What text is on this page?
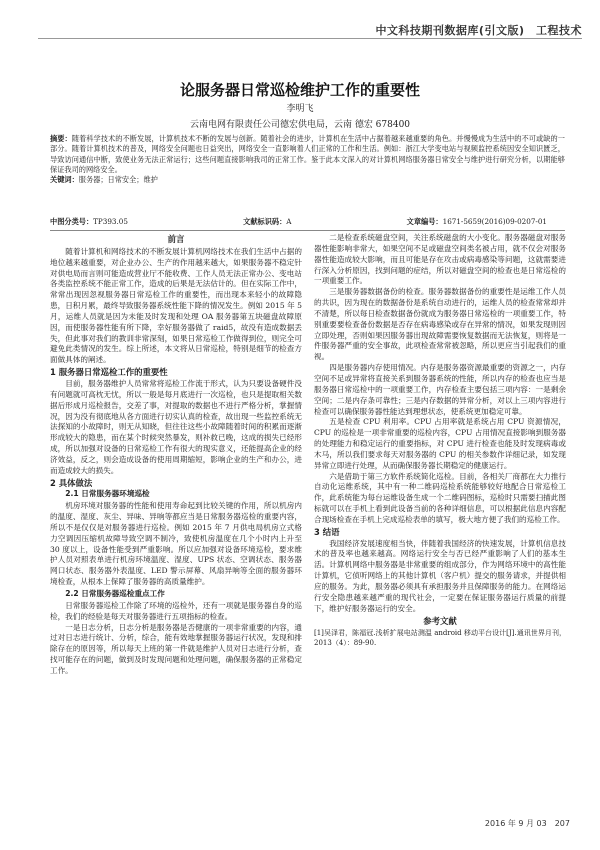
中文科技期刊数据库(引文版)　工程技术
论服务器日常巡检维护工作的重要性
李明飞
云南电网有限责任公司德宏供电局，云南 德宏 678400
摘要：随着科学技术的不断发展，计算机技术不断的发展与创新。随着社会的进步，计算机在生活中占据着越来越重要的角色。并慢慢成为生活中的不可或缺的一部分。随着计算机技术的普及，网络安全问题也日益突出，网络安全一直影响着人们正常的工作和生活。例如：浙江大学变电站与视频监控系统因安全知识匮乏，导致访问通信中断，致使业务无法正常运行；这些问题直接影响我司的正常工作。鉴于此本文深入的对计算机网络服务器日常安全与维护进行研究分析，以期能够保证我司的网络安全。
关键词：服务器；日常安全；维护
中图分类号：TP393.05	文献标识码：A	文章编号：1671-5659(2016)09-0207-01

前言

随着计算机和网络技术的不断发展计算机网络技术在我们生活中占据的地位越来越重要，对企业办公、生产的作用越来越大，如果服务器不稳定针对供电局而言则可能造成营业厅不能收费、工作人员无法正常办公、变电站各类监控系统不能正常工作，造成的后果是无法估计的。但在实际工作中，常常出现因忽视服务器日常巡检工作的重要性，而出现本来轻小的故障隐患，日积月累，最终导致服务器系统性能下降的情况发生。例如 2015 年 5 月，运维人员就是因为未能及时发现和处理 OA 服务器第五块磁盘故障原因，而使服务器性能有所下降，幸好服务器做了 raid5，故没有造成数据丢失，但此事对我们的教训非常深刻，如果日常巡检工作做得到位，则完全可避免此类情况的发生。综上所述，本文将从日常巡检，特别是细节的检查方面做具体的阐述。

1 服务器日常巡检工作的重要性

目前，服务器维护人员常常将巡检工作流于形式，认为只要设备硬件没有问题就可高枕无忧，所以一般是每月底进行一次巡检，也只是提取相关数据后形成月巡检报告，交差了事，对提取的数据也不进行严格分析，掌握情况，因为没有彻底地从各方面进行切实认真的检查，故出现一些监控系统无法探知的小故障时，则无从知晓，但往往这些小故障随着时间的积累而逐渐形成较大的隐患，而在某个时候突然暴发，则补救已晚，这成的损失已经形成，所以加强对设备的日常巡检工作有很大的现实意义，还能提高企业的经济效益，反之，则会造成设备的使用周期缩短，影响企业的生产和办公，进而造成较大的损失。

2 具体做法

2.1 日常服务器环境巡检

机房环境对服务器的性能和使用寿命起到比较关键的作用，所以机房内的温度、湿度、灰尘、异味、异响等都应当是日常服务器巡检的重要内容，所以不是仅仅是对服务器进行巡检。例如 2015 年 7 月供电局机房立式格力空调因压缩机故障导致空调不制冷，致使机房温度在几个小时内上升至 30 度以上，设备性能受到严重影响。所以应加强对设备环境巡检，要求维护人员对照表单进行机房环境温度、湿度、UPS 状态、空调状态、服务器网口状态、服务器外表温度、LED 警示屏幕、风扇异响等全面的服务器环境检查，从根本上保障了服务器的高质量维护。

2.2 日常服务器巡检重点工作

日常服务器巡检工作除了环境的巡检外，还有一项就是服务器自身的巡检，我们的经验是每天对服务器进行五项指标的检查。

一是日志分析，日志分析是服务器是否健康的一项非常重要的内容，通过对日志进行统计、分析，综合，能有效地掌握服务器运行状况，发现和排除存在的原因等，所以每天上班的第一件就是维护人员对日志进行分析，查找可能存在的问题，做到及时发现问题和处理问题，确保服务器的正常稳定工作。

二是检查系统磁盘空间，关注系统磁盘的大小变化。服务器磁盘对服务器性能影响非常大，如果空间不足或磁盘空间类名被占用，就不仅会对服务器性能造成较大影响，而且可能是存在攻击或病毒感染等问题，这就需要进行深入分析原因，找到问题的症结，所以对磁盘空间的检查也是日常巡检的一项重要工作。

三是服务器数据备份的检查。服务器数据备份的重要性是运维工作人员的共识，因为现在的数据备份是系统自动进行的，运维人员的检查常常却并不清楚，所以每日检查数据备份就成为服务器日常巡检的一项重要工作，特别重要要检查备份数据是否存在病毒感染或存在异常的情况，如果发现则因立即处理，否则如果因服务器出现故障需要恢复数据而无法恢复，则将是一件服务器严重的安全事故，此项检查常常被忽略，所以更应当引起我们的重视。

四是服务器内存使用情况。内存是服务器资源最重要的资源之一，内存空间不足或异常将直接关系到服务器系统的性能，所以内存的检查也应当是服务器日常巡检中的一项重要工作，内存检查主要包括三项内容：一是剩余空间；二是内存条可靠性；三是内存数据的异常分析，对以上三项内容进行检查可以确保服务器性能达到理想状态，使系统更加稳定可靠。

五是检查 CPU 利用率。CPU 占用率就是系统占用 CPU 资源情况，CPU 的巡检是一项非常重要的巡检内容，CPU 占用情况直接影响到服务器的处理能力和稳定运行的重要指标，对 CPU 进行检查也能及时发现病毒或木马，所以我们要求每天对服务器的 CPU 的相关参数作详细记录，如发现异常立即进行处理，从而确保服务器长期稳定的健康运行。

六是借助于第三方软件系统简化巡检。目前，各相关厂商都在大力推行自动化运维系统，其中有一种二维码巡检系统能够较好地配合日常巡检工作，此系统能为每台运维设备生成一个二维码图标，巡检时只需要扫描此图标就可以在手机上看到此设备当前的各种详细信息，可以根据此信息内容配合现场检查在手机上完成巡检表单的填写，极大地方便了我们的巡检工作。

3 结语

我国经济发展速度相当快，伴随着我国经济的快速发展，计算机信息技术的普及率也越来越高。网络运行安全与否已经严重影响了人们的基本生活。计算机网络中服务器是非常重要的组成部分，作为网络环境中的高性能计算机，它侦听网络上的其他计算机（客户机）提交的服务请求，并提供相应的服务。为此，服务器必须具有承担服务并且保障服务的能力。在网络运行安全隐患越来越严重的现代社会，一定要在保证服务器运行质量的前提下，维护好服务器运行的安全。

参考文献

[1]吴泽君，陈福冠.浅析扩展电站测温 android 移动平台设计[J].通讯世界月刊，2013（4）：89-90.

2016 年 9 月 03　207
